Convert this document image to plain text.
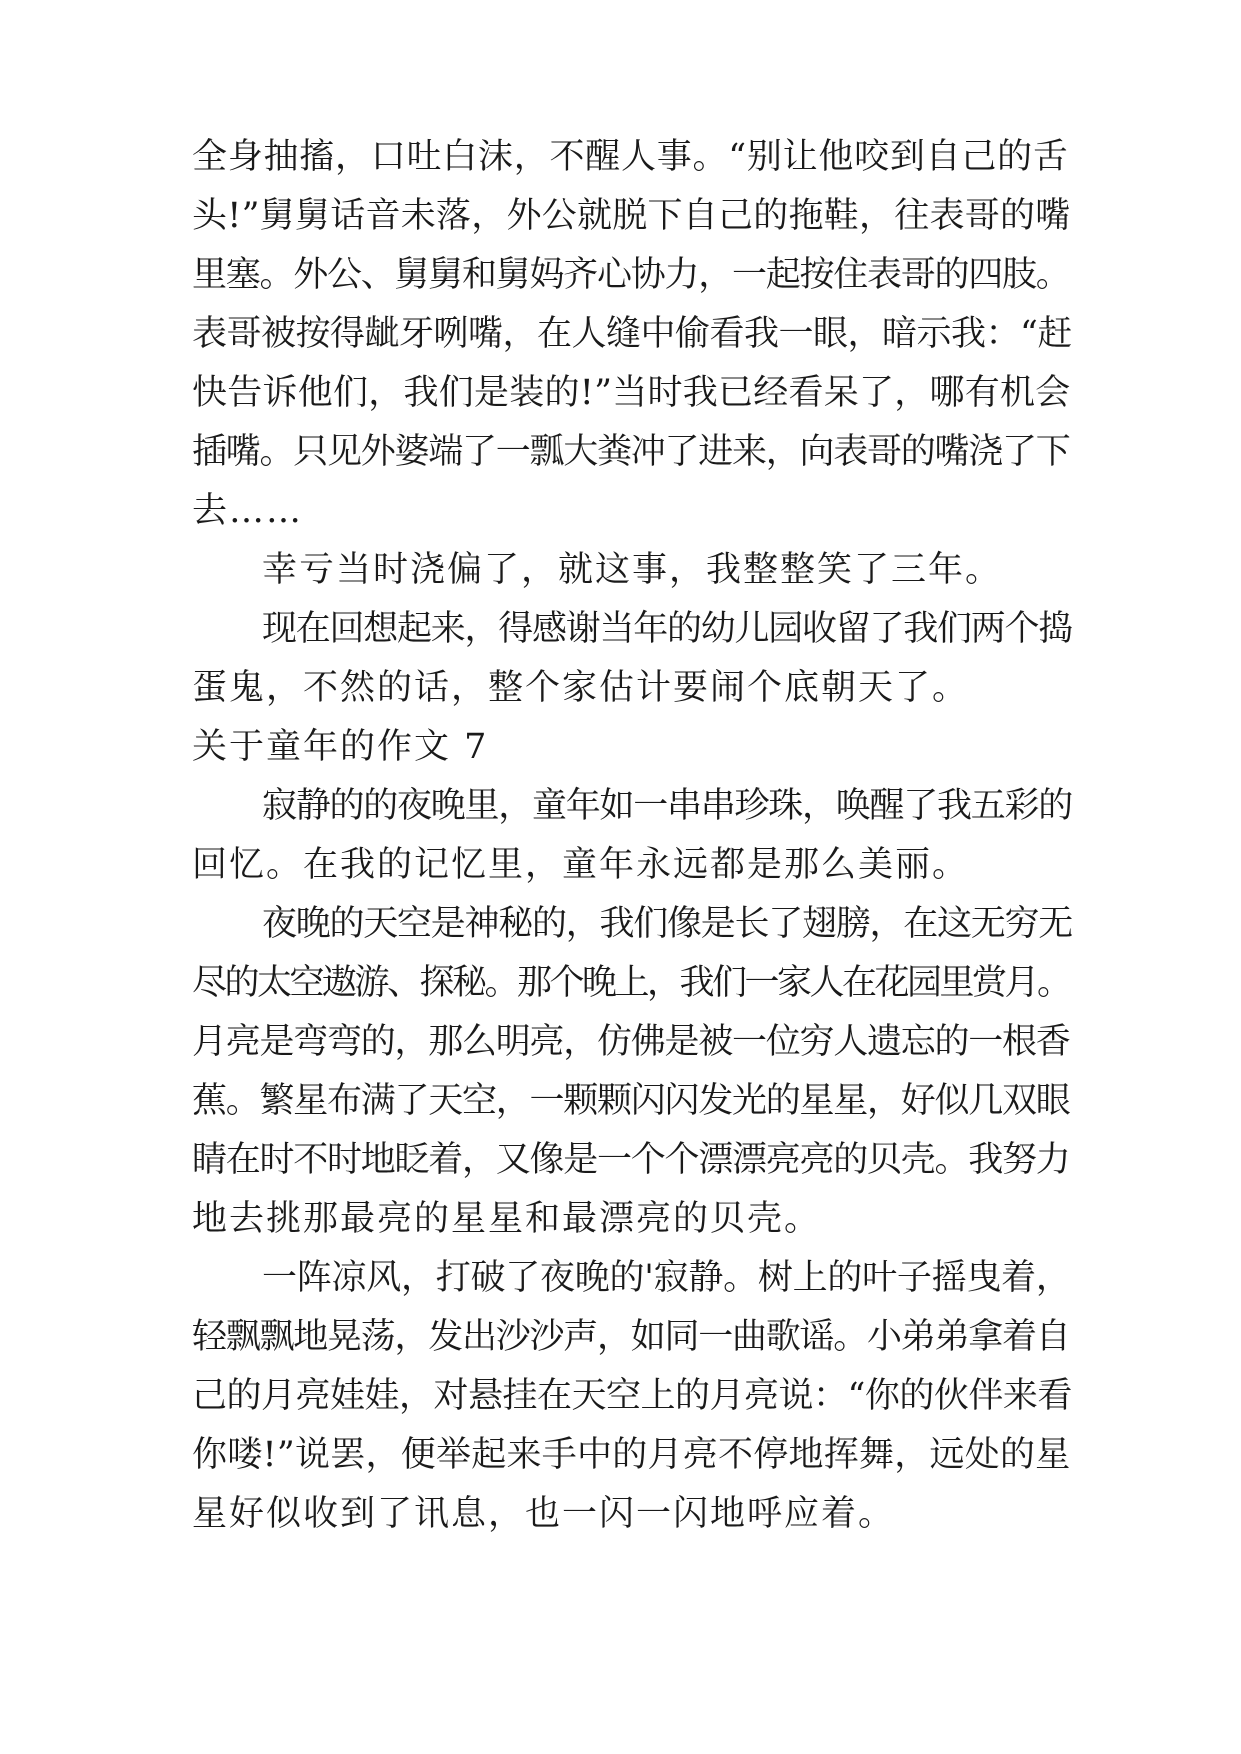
全身抽搐，口吐白沫，不醒人事。“别让他咬到自己的舌
头!”舅舅话音未落，外公就脱下自己的拖鞋，往表哥的嘴
里塞。外公、舅舅和舅妈齐心协力，一起按住表哥的四肢。
表哥被按得龇牙咧嘴，在人缝中偷看我一眼，暗示我：“赶
快告诉他们，我们是装的!”当时我已经看呆了，哪有机会
插嘴。只见外婆端了一瓢大粪冲了进来，向表哥的嘴浇了下
去……
幸亏当时浇偏了，就这事，我整整笑了三年。
现在回想起来，得感谢当年的幼儿园收留了我们两个捣
蛋鬼，不然的话，整个家估计要闹个底朝天了。
关于童年的作文 7
寂静的的夜晚里，童年如一串串珍珠，唤醒了我五彩的
回忆。在我的记忆里，童年永远都是那么美丽。
夜晚的天空是神秘的，我们像是长了翅膀，在这无穷无
尽的太空遨游、探秘。那个晚上，我们一家人在花园里赏月。
月亮是弯弯的，那么明亮，仿佛是被一位穷人遗忘的一根香
蕉。繁星布满了天空，一颗颗闪闪发光的星星，好似几双眼
睛在时不时地眨着，又像是一个个漂漂亮亮的贝壳。我努力
地去挑那最亮的星星和最漂亮的贝壳。
一阵凉风，打破了夜晚的'寂静。树上的叶子摇曳着，
轻飘飘地晃荡，发出沙沙声，如同一曲歌谣。小弟弟拿着自
己的月亮娃娃，对悬挂在天空上的月亮说：“你的伙伴来看
你喽!”说罢，便举起来手中的月亮不停地挥舞，远处的星
星好似收到了讯息，也一闪一闪地呼应着。
